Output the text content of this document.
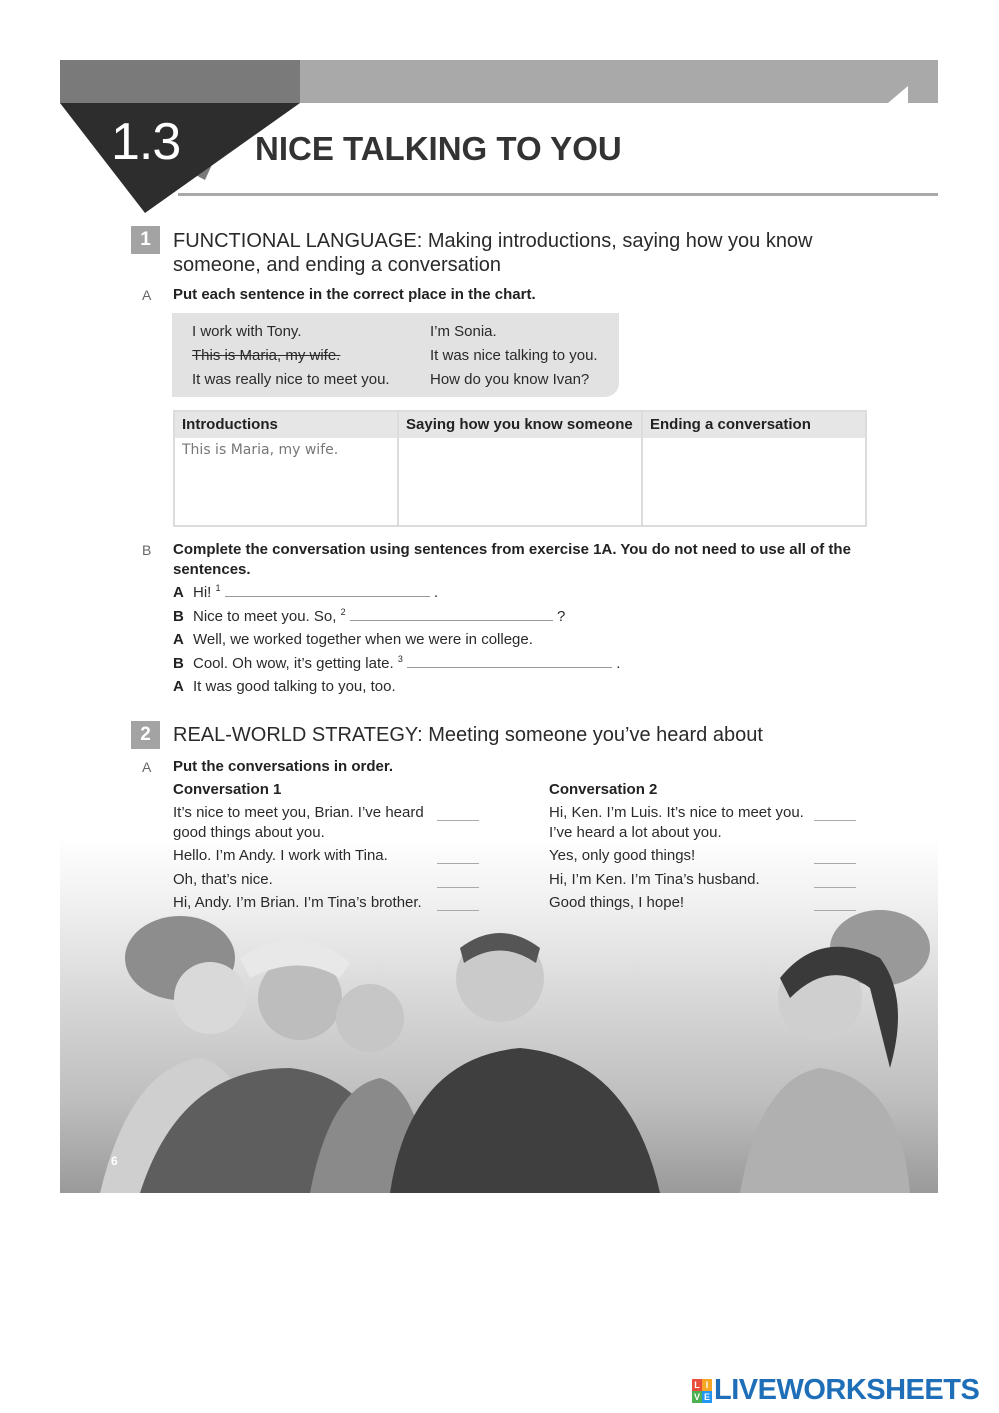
1.3 NICE TALKING TO YOU
1	FUNCTIONAL LANGUAGE: Making introductions, saying how you know
someone, and ending a conversation
A Put each sentence in the correct place in the chart.
I work with Tony.
This is Maria, my wife.
It was really nice to meet you.
I’m Sonia.
It was nice talking to you.
How do you know Ivan?
Introductions	Saying how you know someone	Ending a conversation
This is Maria, my wife.
B Complete the conversation using sentences from exercise 1A. You do not need to use all of the
sentences.
A Hi! $^1$	.
B Nice to meet you. So, $^2$	?
A Well, we worked together when we were in college.
B Cool. Oh wow, it’s getting late. $^3$	.
A It was good talking to you, too.
2	REAL-WORLD STRATEGY: Meeting someone you’ve heard about
A Put the conversations in order.
6
Conversation 1
It’s nice to meet you, Brian. I’ve heard
good things about you.
Hello. I’m Andy. I work with Tina.
Oh, that’s nice.
Hi, Andy. I’m Brian. I’m Tina’s brother.
Conversation 2
Hi, Ken. I’m Luis. It’s nice to meet you.
I’ve heard a lot about you.
Yes, only good things!
Hi, I’m Ken. I’m Tina’s husband.
Good things, I hope!
L I
V E LIVEWORKSHEETS
